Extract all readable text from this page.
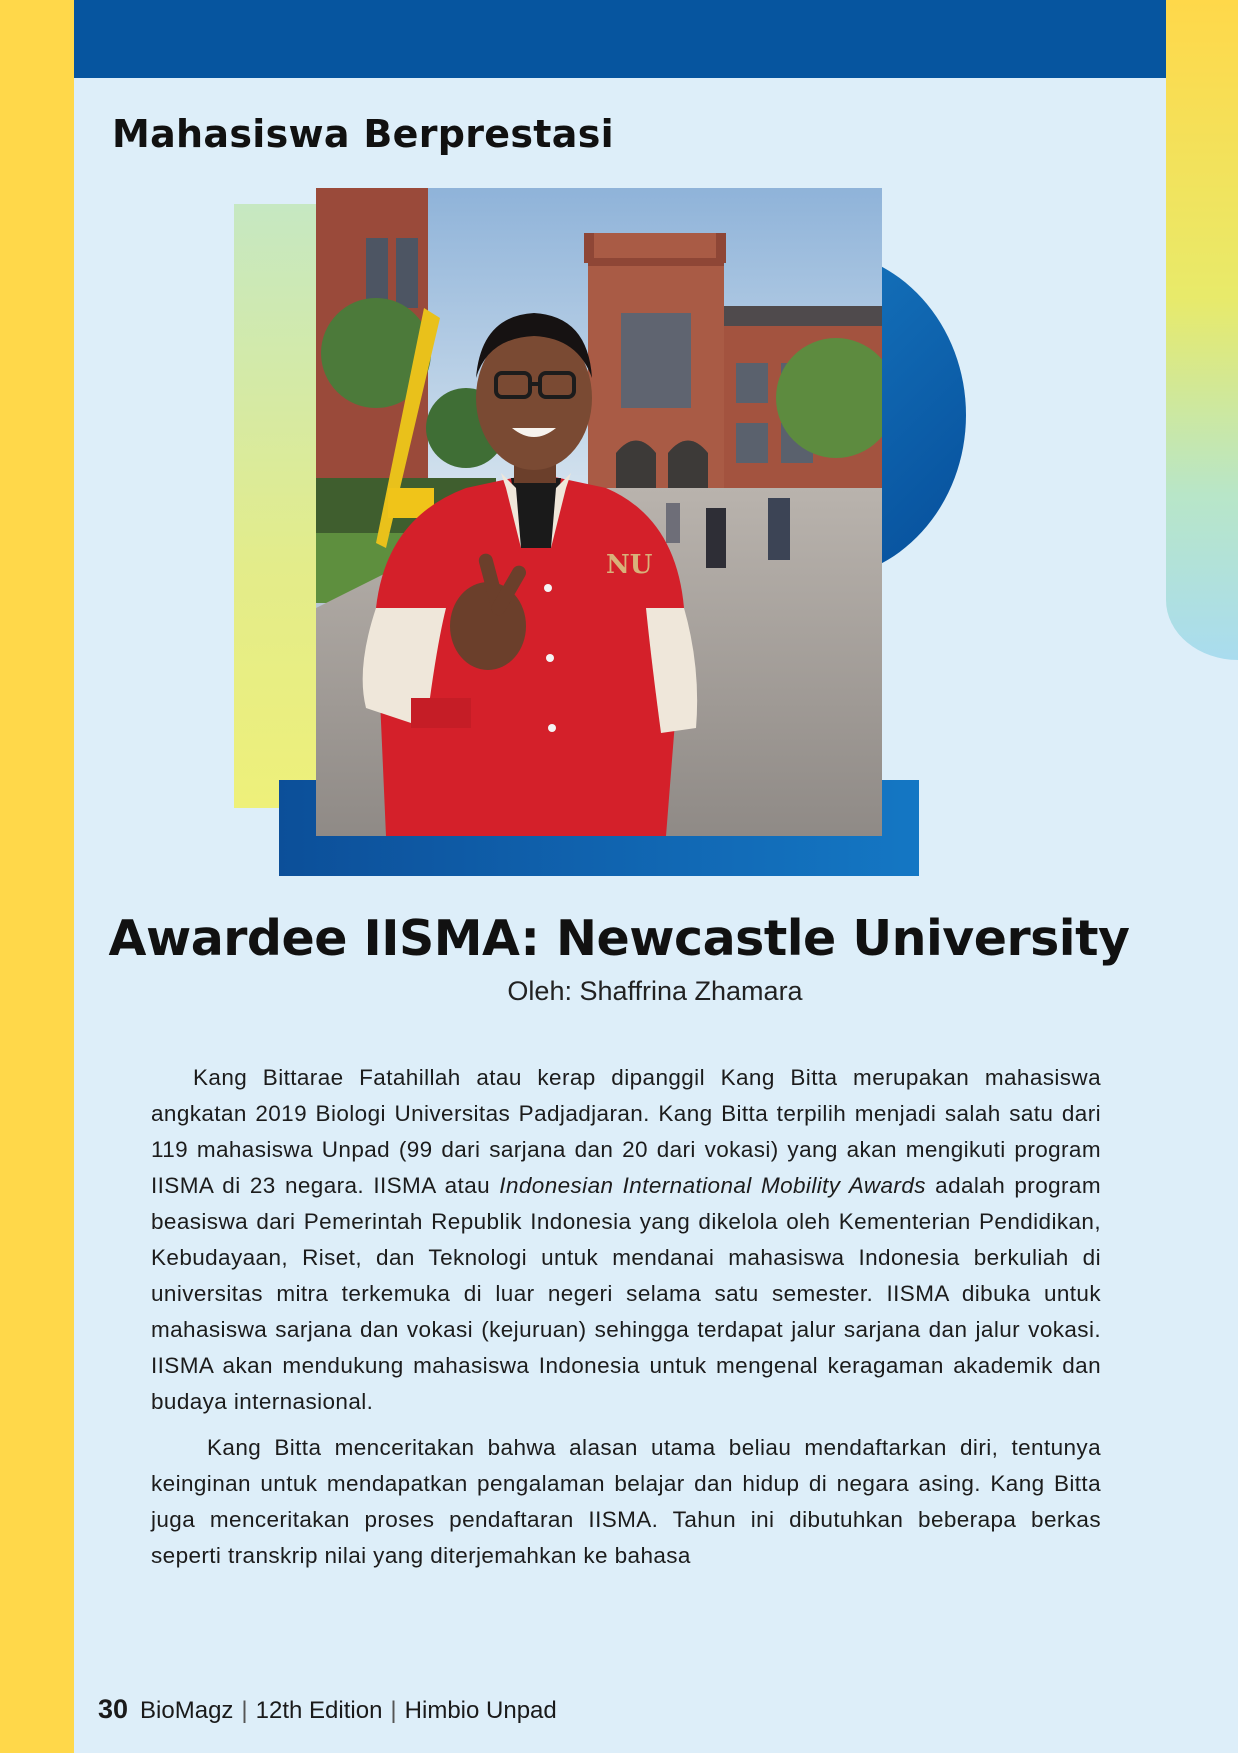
Mahasiswa Berprestasi
NU
Awardee IISMA: Newcastle University
Oleh: Shaffrina Zhamara

Kang Bittarae Fatahillah atau kerap dipanggil Kang Bitta merupakan mahasiswa angkatan 2019 Biologi Universitas Padjadjaran. Kang Bitta terpilih menjadi salah satu dari 119 mahasiswa Unpad (99 dari sarjana dan 20 dari vokasi) yang akan mengikuti program IISMA di 23 negara. IISMA atau Indonesian International Mobility Awards adalah program beasiswa dari Pemerintah Republik Indonesia yang dikelola oleh Kementerian Pendidikan, Kebudayaan, Riset, dan Teknologi untuk mendanai mahasiswa Indonesia berkuliah di universitas mitra terkemuka di luar negeri selama satu semester. IISMA dibuka untuk mahasiswa sarjana dan vokasi (kejuruan) sehingga terdapat jalur sarjana dan jalur vokasi. IISMA akan mendukung mahasiswa Indonesia untuk mengenal keragaman akademik dan budaya internasional.

Kang Bitta menceritakan bahwa alasan utama beliau mendaftarkan diri, tentunya keinginan untuk mendapatkan pengalaman belajar dan hidup di negara asing. Kang Bitta juga menceritakan proses pendaftaran IISMA. Tahun ini dibutuhkan beberapa berkas seperti transkrip nilai yang diterjemahkan ke bahasa

30 BioMagz | 12th Edition | Himbio Unpad
